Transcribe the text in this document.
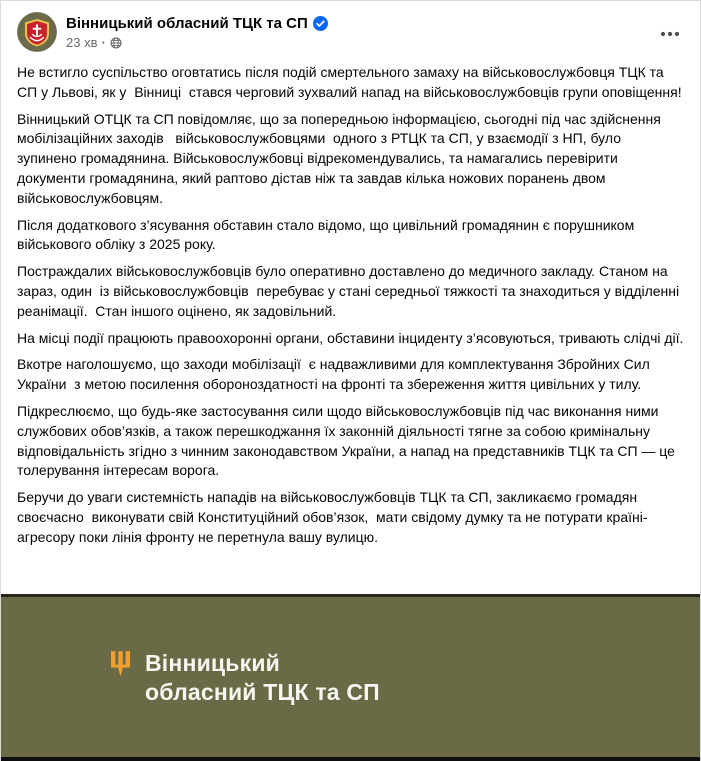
Вінницький обласний ТЦК та СП
23 хв ·

Не встигло суспільство оговтатись після подій смертельного замаху на військовослужбовця ТЦК та СП у Львові, як у  Вінниці  стався черговий зухвалий напад на військовослужбовців групи оповіщення!

Вінницький ОТЦК та СП повідомляє, що за попередньою інформацією, сьогодні під час здійснення мобілізаційних заходів   військовослужбовцями  одного з РТЦК та СП, у взаємодії з НП, було зупинено громадянина. Військовослужбовці відрекомендувались, та намагались перевірити документи громадянина, який раптово дістав ніж та завдав кілька ножових поранень двом військовослужбовцям.

Після додаткового з’ясування обставин стало відомо, що цивільний громадянин є порушником військового обліку з 2025 року.

Постраждалих військовослужбовців було оперативно доставлено до медичного закладу. Станом на зараз, один  із військовослужбовців  перебуває у стані середньої тяжкості та знаходиться у відділенні реанімації.  Стан іншого оцінено, як задовільний.

На місці події працюють правоохоронні органи, обставини інциденту з’ясовуються, тривають слідчі дії.

Вкотре наголошуємо, що заходи мобілізації  є надважливими для комплектування Збройних Сил України  з метою посилення обороноздатності на фронті та збереження життя цивільних у тилу.

Підкреслюємо, що будь-яке застосування сили щодо військовослужбовців під час виконання ними службових обов’язків, а також перешкоджання їх законній діяльності тягне за собою кримінальну відповідальність згідно з чинним законодавством України, а напад на представників ТЦК та СП — це толерування інтересам ворога.

Беручи до уваги системність нападів на військовослужбовців ТЦК та СП, закликаємо громадян своєчасно  виконувати свій Конституційний обов’язок,  мати свідому думку та не потурати країні-агресору поки лінія фронту не перетнула вашу вулицю.

Вінницький
обласний ТЦК та СП
